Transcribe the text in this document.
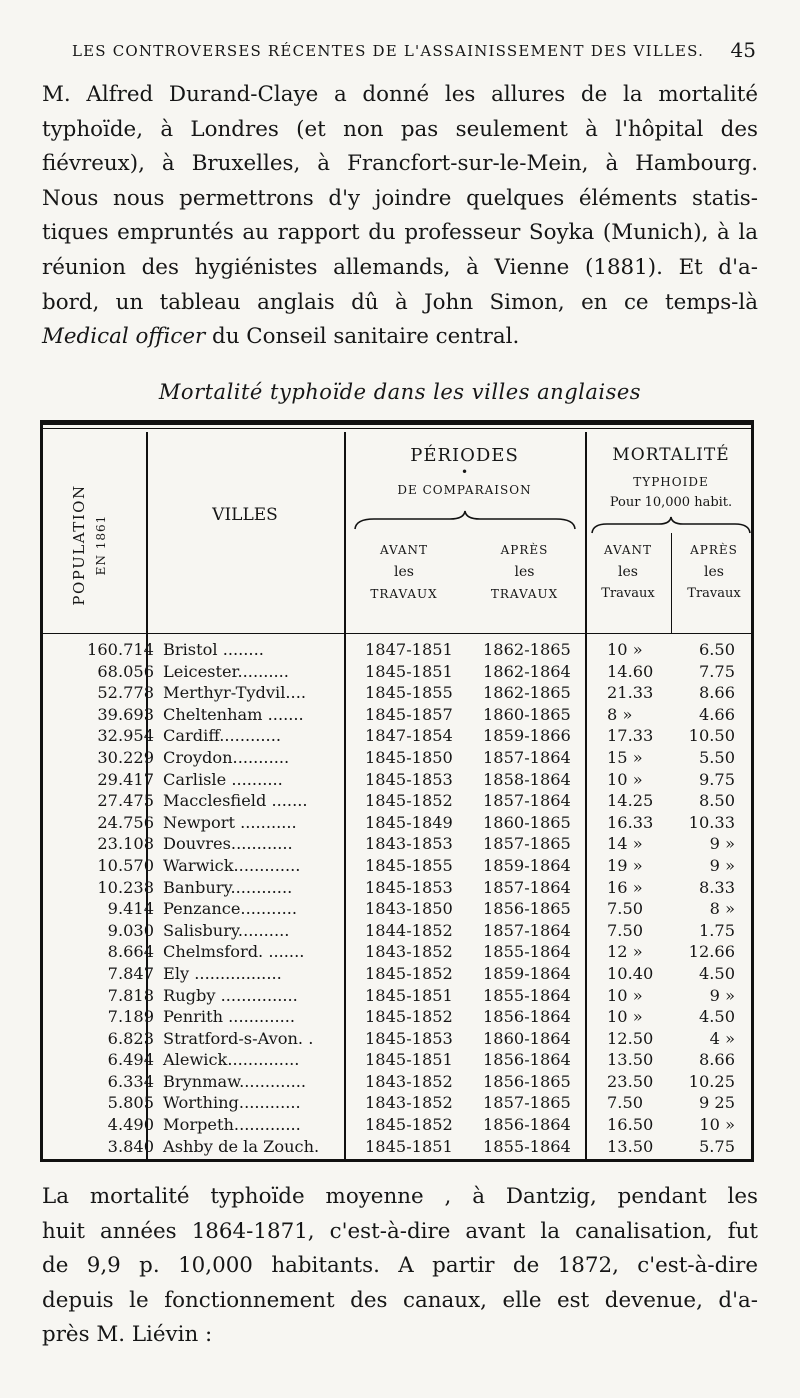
LES CONTROVERSES RÉCENTES DE L'ASSAINISSEMENT DES VILLES. 45
M. Alfred Durand-Claye a donné les allures de la mortalité
typhoïde, à Londres (et non pas seulement à l'hôpital des
fiévreux), à Bruxelles, à Francfort-sur-le-Mein, à Hambourg.
Nous nous permettrons d'y joindre quelques éléments statis-
tiques empruntés au rapport du professeur Soyka (Munich), à la
réunion des hygiénistes allemands, à Vienne (1881). Et d'a-
bord, un tableau anglais dû à John Simon, en ce temps-là
Medical officer du Conseil sanitaire central.
Mortalité typhoïde dans les villes anglaises
POPULATION EN 1861	VILLES
PÉRIODES
•
DE COMPARAISON
AVANT
les
TRAVAUX
APRÈS
les
TRAVAUX
MORTALITÉ
TYPHOIDE
Pour 10,000 habit.
AVANT
les
Travaux
APRÈS
les
Travaux
160.714 Bristol ........	1847-1851 1862-1865 10 »	6.50
68.056 Leicester..........	1845-1851 1862-1864 14.60	7.75
52.778 Merthyr-Tydvil....	1845-1855 1862-1865 21.33	8.66
39.693 Cheltenham .......	1845-1857 1860-1865 8 »	4.66
32.954 Cardiff............	1847-1854 1859-1866 17.33 10.50
30.229 Croydon...........	1845-1850 1857-1864 15 »	5.50
29.417 Carlisle ..........	1845-1853 1858-1864 10 »	9.75
27.475 Macclesfield .......	1845-1852 1857-1864 14.25	8.50
24.756 Newport ...........	1845-1849 1860-1865 16.33 10.33
23.108 Douvres............	1843-1853 1857-1865 14 »	9 »
10.570 Warwick.............	1845-1855 1859-1864 19 »	9 »
10.238 Banbury............	1845-1853 1857-1864 16 »	8.33
9.414 Penzance...........	1843-1850 1856-1865 7.50	8 »
9.030 Salisbury..........	1844-1852 1857-1864 7.50	1.75
8.664 Chelmsford. .......	1843-1852 1855-1864 12 »	12.66
7.847 Ely .................	1845-1852 1859-1864 10.40	4.50
7.818 Rugby ...............	1845-1851 1855-1864 10 »	9 »
7.189 Penrith .............	1845-1852 1856-1864 10 »	4.50
6.823 Stratford-s-Avon. .	1845-1853 1860-1864 12.50	4 »
6.494 Alewick..............	1845-1851 1856-1864 13.50	8.66
6.334 Brynmaw.............	1843-1852 1856-1865 23.50 10.25
5.805 Worthing............	1843-1852 1857-1865 7.50	9 25
4.490 Morpeth.............	1845-1852 1856-1864 16.50	10 »
3.840 Ashby de la Zouch.	1845-1851 1855-1864 13.50	5.75
La mortalité typhoïde moyenne , à Dantzig, pendant les
huit années 1864-1871, c'est-à-dire avant la canalisation, fut
de 9,9 p. 10,000 habitants. A partir de 1872, c'est-à-dire
depuis le fonctionnement des canaux, elle est devenue, d'a-
près M. Liévin :
